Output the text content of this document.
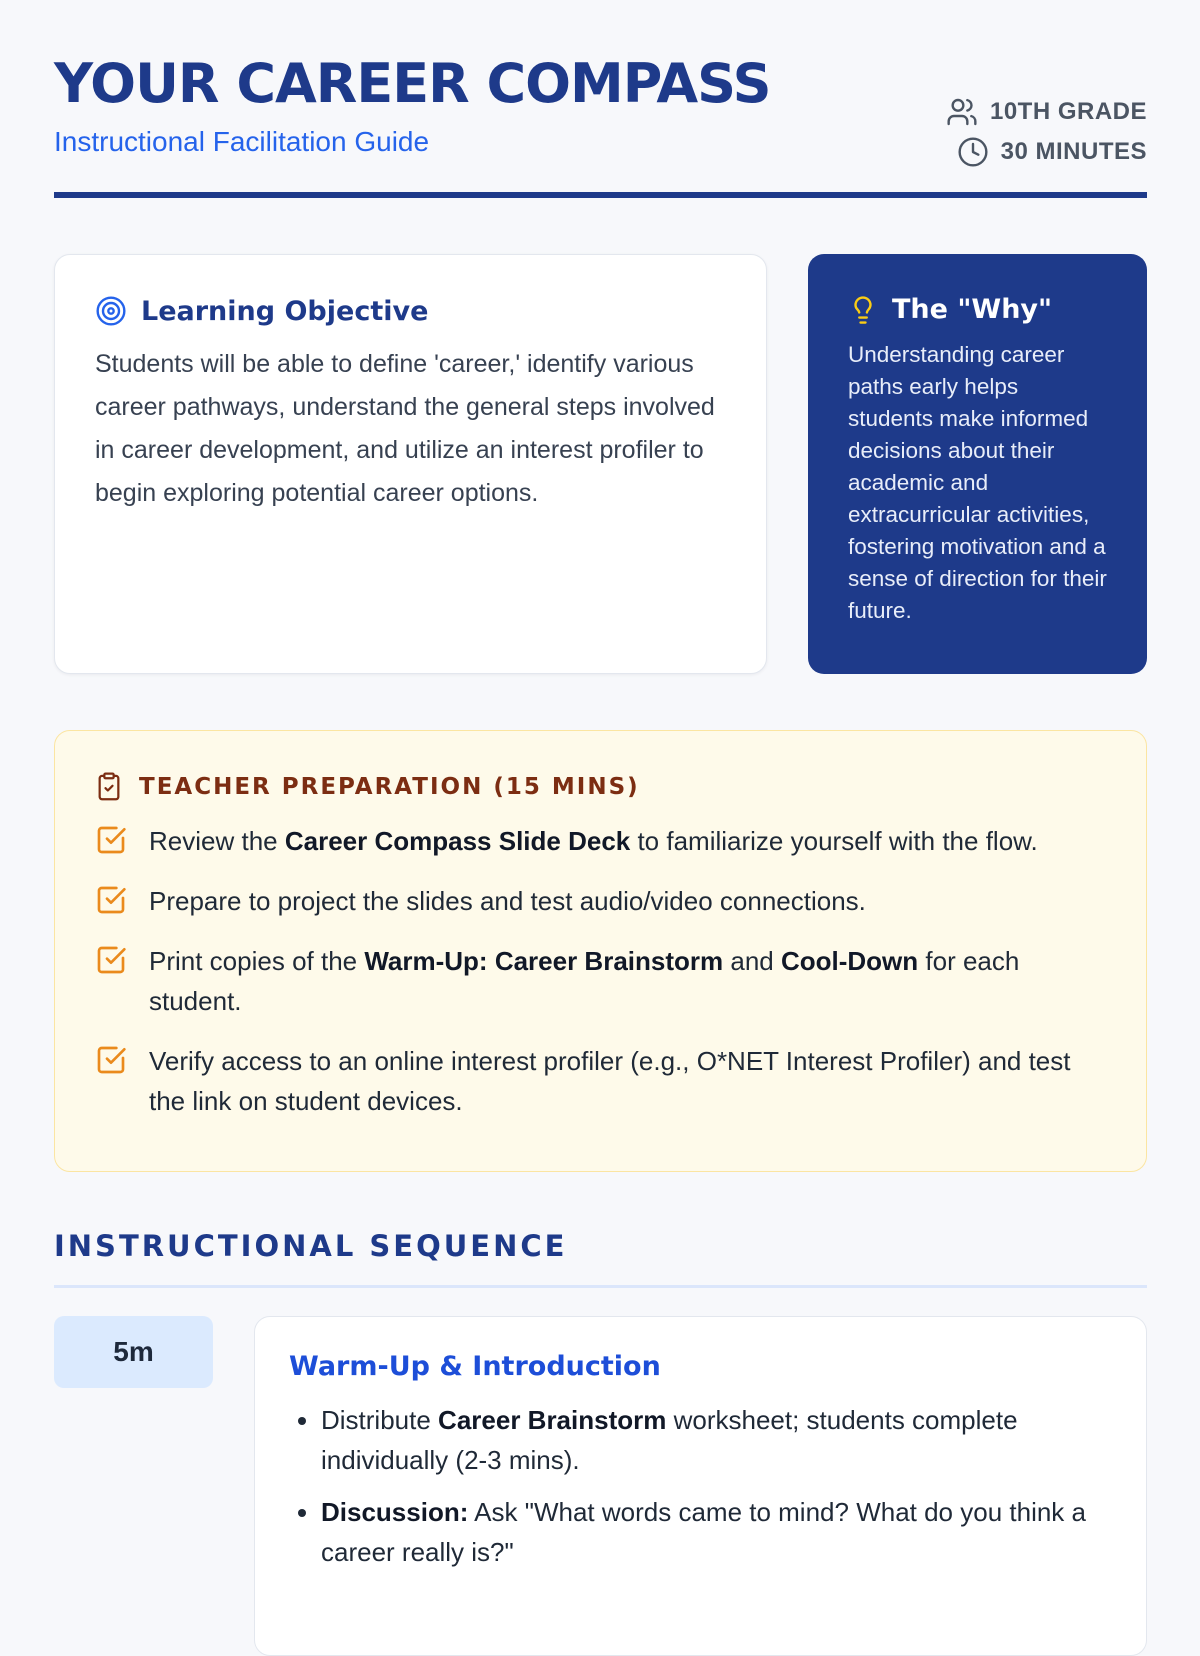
YOUR CAREER COMPASS
Instructional Facilitation Guide
10TH GRADE
30 MINUTES
Learning Objective
Students will be able to define 'career,' identify various career pathways, understand the general steps involved in career development, and utilize an interest profiler to begin exploring potential career options.
The "Why"
Understanding career paths early helps students make informed decisions about their academic and extracurricular activities, fostering motivation and a sense of direction for their future.
TEACHER PREPARATION (15 MINS)
Review the Career Compass Slide Deck to familiarize yourself with the flow.
Prepare to project the slides and test audio/video connections.
Print copies of the Warm-Up: Career Brainstorm and Cool-Down for each student.
Verify access to an online interest profiler (e.g., O*NET Interest Profiler) and test the link on student devices.
INSTRUCTIONAL SEQUENCE
5m	Warm-Up & Introduction
• Distribute Career Brainstorm worksheet; students complete individually (2-3 mins).
• Discussion: Ask "What words came to mind? What do you think a career really is?"
